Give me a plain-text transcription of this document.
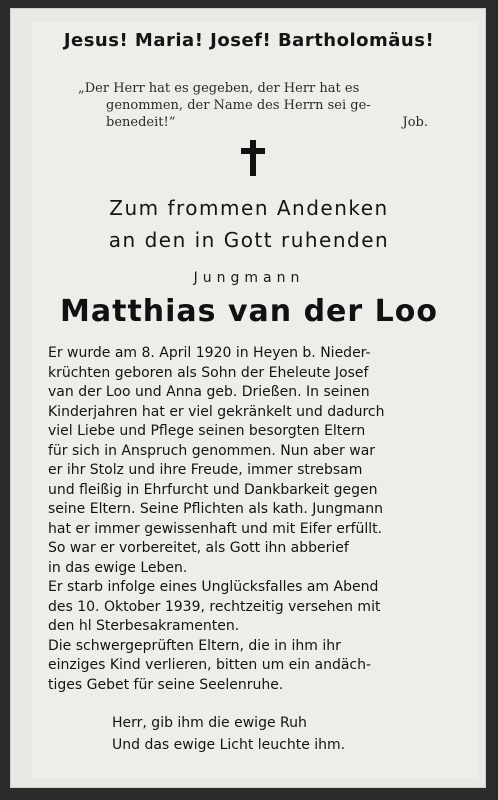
Jesus! Maria! Josef! Bartholomäus!
„Der Herr hat es gegeben, der Herr hat es
genommen, der Name des Herrn sei ge-
benedeit!“	Job.
Zum frommen Andenken
an den in Gott ruhenden
Jungmann
Matthias van der Loo
Er wurde am 8. April 1920 in Heyen b. Nieder-
krüchten geboren als Sohn der Eheleute Josef
van der Loo und Anna geb. Drießen. In seinen
Kinderjahren hat er viel gekränkelt und dadurch
viel Liebe und Pflege seinen besorgten Eltern
für sich in Anspruch genommen. Nun aber war
er ihr Stolz und ihre Freude, immer strebsam
und fleißig in Ehrfurcht und Dankbarkeit gegen
seine Eltern. Seine Pflichten als kath. Jungmann
hat er immer gewissenhaft und mit Eifer erfüllt.
So war er vorbereitet, als Gott ihn abberief
in das ewige Leben.
Er starb infolge eines Unglücksfalles am Abend
des 10. Oktober 1939, rechtzeitig versehen mit
den hl Sterbesakramenten.
Die schwergeprüften Eltern, die in ihm ihr
einziges Kind verlieren, bitten um ein andäch-
tiges Gebet für seine Seelenruhe.
Herr, gib ihm die ewige Ruh
Und das ewige Licht leuchte ihm.
